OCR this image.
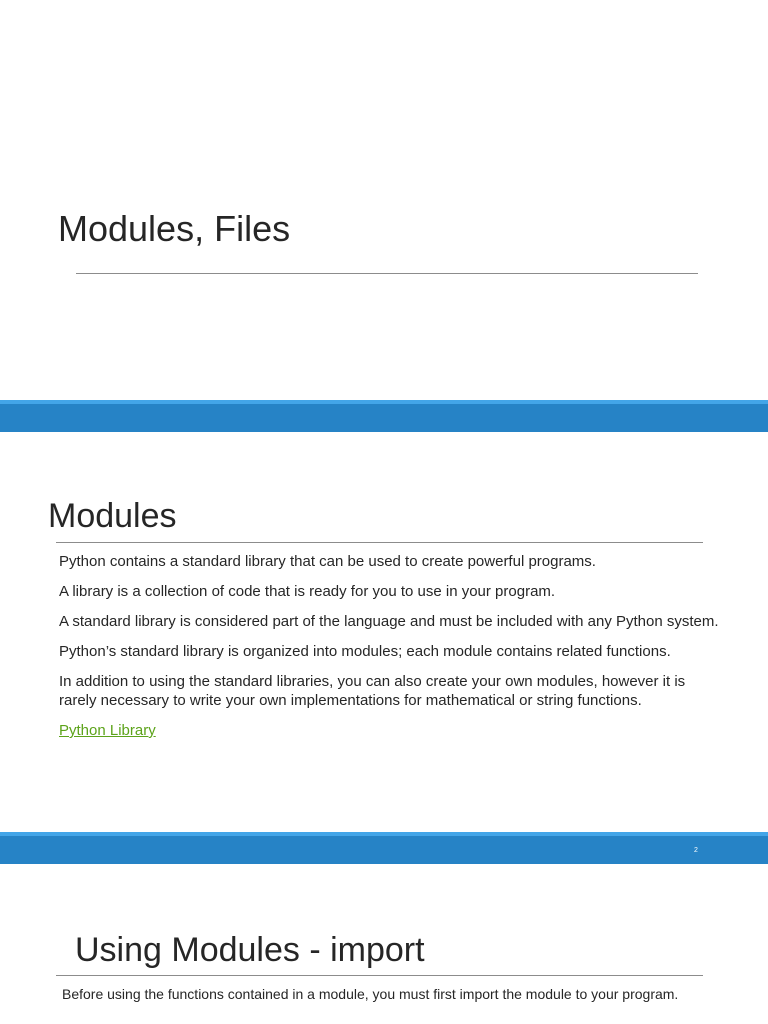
Modules, Files
Modules
Python contains a standard library that can be used to create powerful programs.
A library is a collection of code that is ready for you to use in your program.
A standard library is considered part of the language and must be included with any Python system.
Python’s standard library is organized into modules; each module contains related functions.
In addition to using the standard libraries, you can also create your own modules, however it is rarely necessary to write your own implementations for mathematical or string functions.
Python Library
2
Using Modules - import

Before using the functions contained in a module, you must first import the module to your program.
